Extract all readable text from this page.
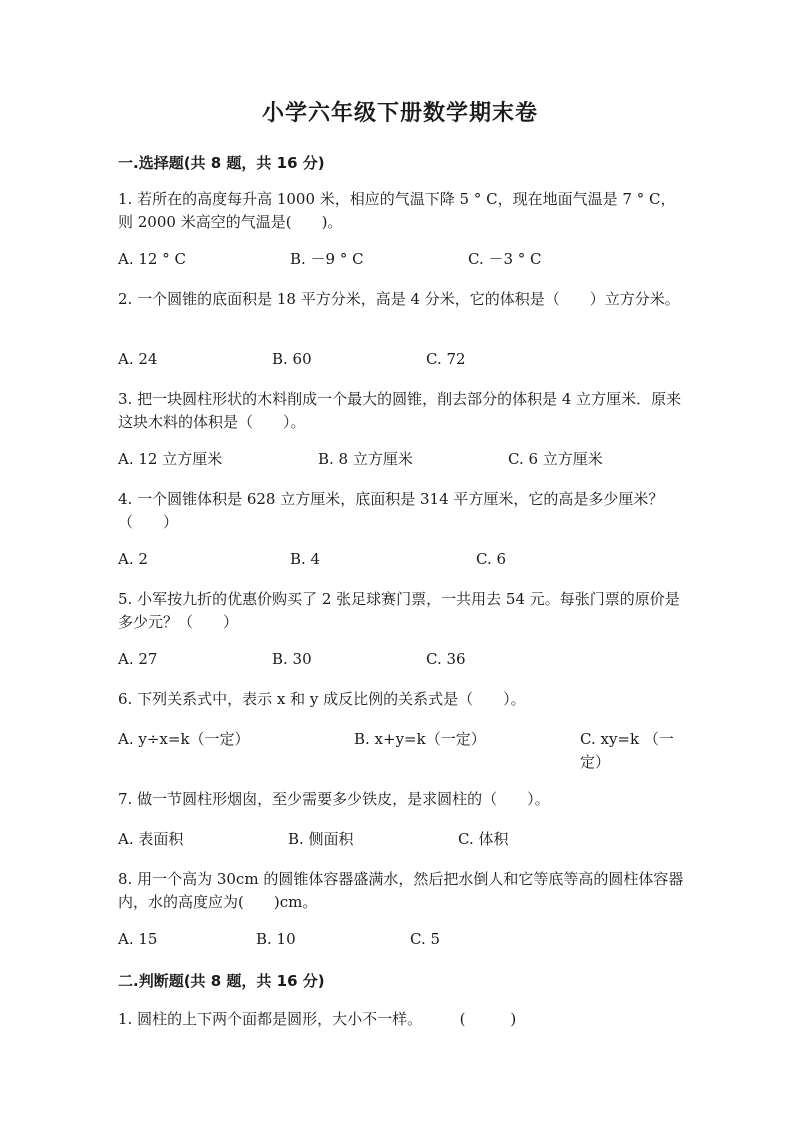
小学六年级下册数学期末卷
一.选择题(共 8 题，共 16 分)
1. 若所在的高度每升高 1000 米，相应的气温下降 5 ° C，现在地面气温是 7 ° C，则 2000 米高空的气温是(　　)。
A. 12 ° C	B. －9 ° C	C. －3 ° C
2. 一个圆锥的底面积是 18 平方分米，高是 4 分米，它的体积是（　　）立方分米。
A. 24	B. 60	C. 72
3. 把一块圆柱形状的木料削成一个最大的圆锥，削去部分的体积是 4 立方厘米．原来这块木料的体积是（　　）。
A. 12 立方厘米	B. 8 立方厘米	C. 6 立方厘米
4. 一个圆锥体积是 628 立方厘米，底面积是 314 平方厘米，它的高是多少厘米？（　　）
A. 2	B. 4	C. 6
5. 小军按九折的优惠价购买了 2 张足球赛门票，一共用去 54 元。每张门票的原价是多少元？（　　）
A. 27	B. 30	C. 36
6. 下列关系式中，表示 x 和 y 成反比例的关系式是（　　）。
A. y÷x=k（一定）	B. x+y=k（一定）	C. xy=k （一定）
7. 做一节圆柱形烟囱，至少需要多少铁皮，是求圆柱的（　　）。
A. 表面积	B. 侧面积	C. 体积
8. 用一个高为 30cm 的圆锥体容器盛满水，然后把水倒人和它等底等高的圆柱体容器内，水的高度应为(　　)cm。
A. 15	B. 10	C. 5
二.判断题(共 8 题，共 16 分)
1. 圆柱的上下两个面都是圆形，大小不一样。　　　(　　　)
